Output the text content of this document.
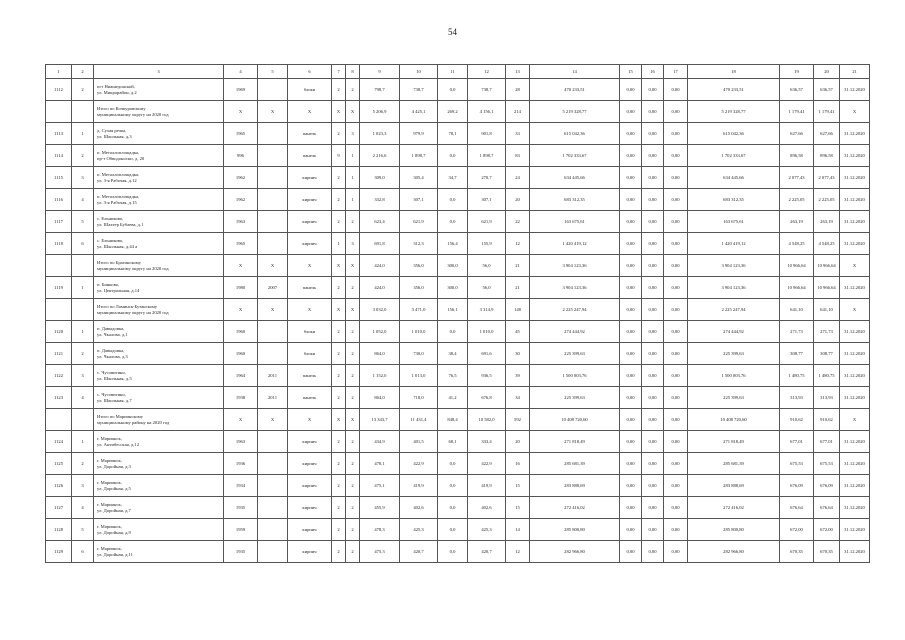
54
1	2	3	4	5	6	7	8	9	10	11	12	13	14	15	16	17	18	19	20	21
1112	2	пгт Нижнедонской,
ул. Микрорайон, д.2	1969		блоки	2	2	798,7	738,7	0,0	738,7	28	470 233,51	0,00	0,00	0,00	470 233,51	636,57	636,57	31.12.2020

		Итого по Кочкуровскому
муниципальному округу на 2020 год	X	X	X	X	X	5 206,9	4 425,1	269,2	4 156,1	214	5 219 328,77	0,00	0,00	0,00	5 219 328,77	1 179,41	1 179,41	X
1113	1	д. Сухая речка,
ул. Школьная, д.3	1965		панель	2	3	1 023,3	979,9	78,1	901,8	33	615 042,36	0,00	0,00	0,00	615 042,36	627,66	627,66	31.12.2020
1114	2	п. Металлоплощадка,
пр-т Обводоносно, д. 20	996		панель	9	1	2 216,6	1 898,7	0,0	1 898,7	83	1 702 333,67	0,00	0,00	0,00	1 702 333,67	896,58	896,58	31.12.2020
1115	3	п. Металлоплощадка,
ул. 3-я Рабочая, д.12	1962		кирпич	2	1	309,0	305,4	34,7	270,7	24	634 445,66	0,00	0,00	0,00	634 445,66	2 077,43	2 077,43	31.12.2020
1116	4	п. Металлоплощадка,
ул. 3-я Рабочая, д.15	1962		кирпич	2	1	332,8	307,1	0,0	307,1	20	683 312,35	0,00	0,00	0,00	683 312,35	2 225,05	2 225,05	31.12.2020
1117	5	с. Ельниково,
ул. Шахтер Бубаева, д.1	1963		кирпич	2	2	623,4	621,9	0,0	621,9	22	163 675,61	0,00	0,00	0,00	163 675,61	263,19	263,19	31.12.2020
1118	6	с. Ельниково,
ул. Школьная, д.44 а	1965		кирпич	1	3	691,8	312,3	156,4	155,9	12	1 420 419,12	0,00	0,00	0,00	1 420 419,12	4 548,25	4 548,25	31.12.2020

		Итого по Брагинскому
муниципальному округу на 2020 год	X	X	X	X	X	424,0	356,0	300,0	56,0	21	3 904 123,36	0,00	0,00	0,00	3 904 123,36	10 966,64	10 966,64	X
1119	1	п. Бинково,
ул. Центральная, д.14	1980	2007	панель	2	2	424,0	356,0	300,0	56,0	21	3 904 123,36	0,00	0,00	0,00	3 904 123,36	10 966,64	10 966,64	31.12.2020

		Итого по Ламинск-Бузанскому
муниципальному округу на 2020 год	X	X	X	X	X	3 032,0	3 471,0	156,1	3 314,9	148	2 225 247,94	0,00	0,00	0,00	2 225 247,94	641,10	641,10	X
1120	1	п. Давыдовка,
ул. Чкалова, д.1	1960		блоки	2	2	1 052,0	1 010,0	0,0	1 010,0	45	274 444,92	0,00	0,00	0,00	274 444,92	271,73	271,73	31.12.2020
1121	2	п. Давыдовка,
ул. Чкалова, д.3	1960		блоки	2	2	864,0	730,0	38,4	691,6	30	225 399,63	0,00	0,00	0,00	225 399,63	308,77	308,77	31.12.2020
1122	3	с. Чусовитино,
ул. Школьная, д.5	1964	2011	панель	2	2	1 152,0	1 013,0	76,5	936,5	39	1 500 003,76	0,00	0,00	0,00	1 500 003,76	1 480,75	1 480,75	31.12.2020
1123	4	с. Чусовитино,
ул. Школьная, д.7	1938	2011	панель	2	2	864,0	718,0	41,2	676,8	34	225 399,63	0,00	0,00	0,00	225 399,63	313,93	313,93	31.12.2020

		Итого по Мариинскому
муниципальному району на 2020 год	X	X	X	X	X	13 343,7	11 431,4	848,4	10 582,0	592	10 408 720,60	0,00	0,00	0,00	10 408 720,60	910,62	910,62	X
1124	1	г. Мариинск,
ул. Антибесская, д.12	1963		кирпич	2	2	434,9	401,5	68,1	333,4	20	271 818,49	0,00	0,00	0,00	271 818,49	677,01	677,01	31.12.2020
1125	2	г. Мариинск,
ул. Доройная, д.3	1936		кирпич	2	2	478,1	422,9	0,0	422,9	16	285 681,39	0,00	0,00	0,00	285 681,39	675,53	675,53	31.12.2020
1126	3	г. Мариинск,
ул. Доройная, д.5	1934		кирпич	2	2	475,1	419,9	0,0	419,9	15	283 888,69	0,00	0,00	0,00	283 888,69	676,09	676,09	31.12.2020
1127	4	г. Мариинск,
ул. Доройная, д.7	1935		кирпич	2	2	455,9	402,6	0,0	402,6	15	272 416,02	0,00	0,00	0,00	272 416,02	676,64	676,64	31.12.2020
1128	5	г. Мариинск,
ул. Доройная, д.9	1959		кирпич	2	2	478,3	425,3	0,0	425,3	14	285 800,80	0,00	0,00	0,00	285 800,80	672,00	672,00	31.12.2020
1129	6	г. Мариинск,
ул. Доройная, д.11	1935		кирпич	2	2	475,3	420,7	0,0	420,7	12	282 966,80	0,00	0,00	0,00	282 966,80	670,35	670,35	31.12.2020
